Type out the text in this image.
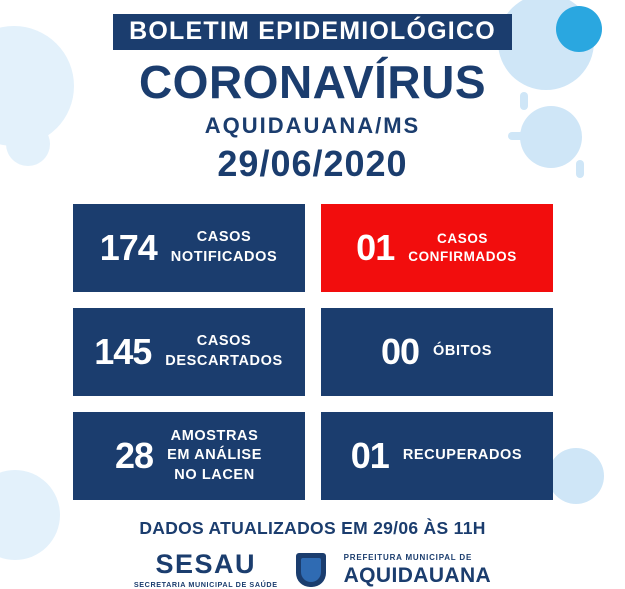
BOLETIM EPIDEMIOLÓGICO
CORONAVÍRUS
AQUIDAUANA/MS
29/06/2020
174	CASOS
NOTIFICADOS 01	CASOS
CONFIRMADOS
145	CASOS
DESCARTADOS	00 ÓBITOS
28 AMOSTRAS
EM ANÁLISE
NO LACEN	01 RECUPERADOS
DADOS ATUALIZADOS EM 29/06 ÀS 11H
SESAU
SECRETARIA MUNICIPAL DE SAÚDE
PREFEITURA MUNICIPAL DE
AQUIDAUANA
